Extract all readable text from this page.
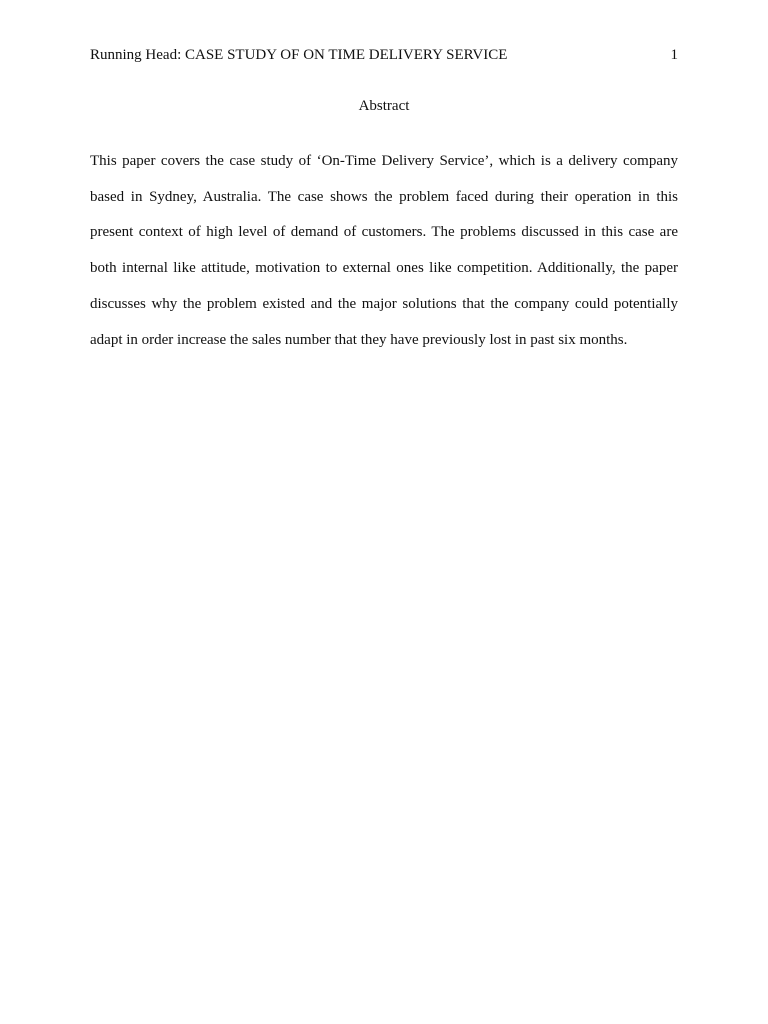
Running Head: CASE STUDY OF ON TIME DELIVERY SERVICE	1
Abstract

This paper covers the case study of ‘On-Time Delivery Service’, which is a delivery company based in Sydney, Australia. The case shows the problem faced during their operation in this present context of high level of demand of customers. The problems discussed in this case are both internal like attitude, motivation to external ones like competition. Additionally, the paper discusses why the problem existed and the major solutions that the company could potentially adapt in order increase the sales number that they have previously lost in past six months.
